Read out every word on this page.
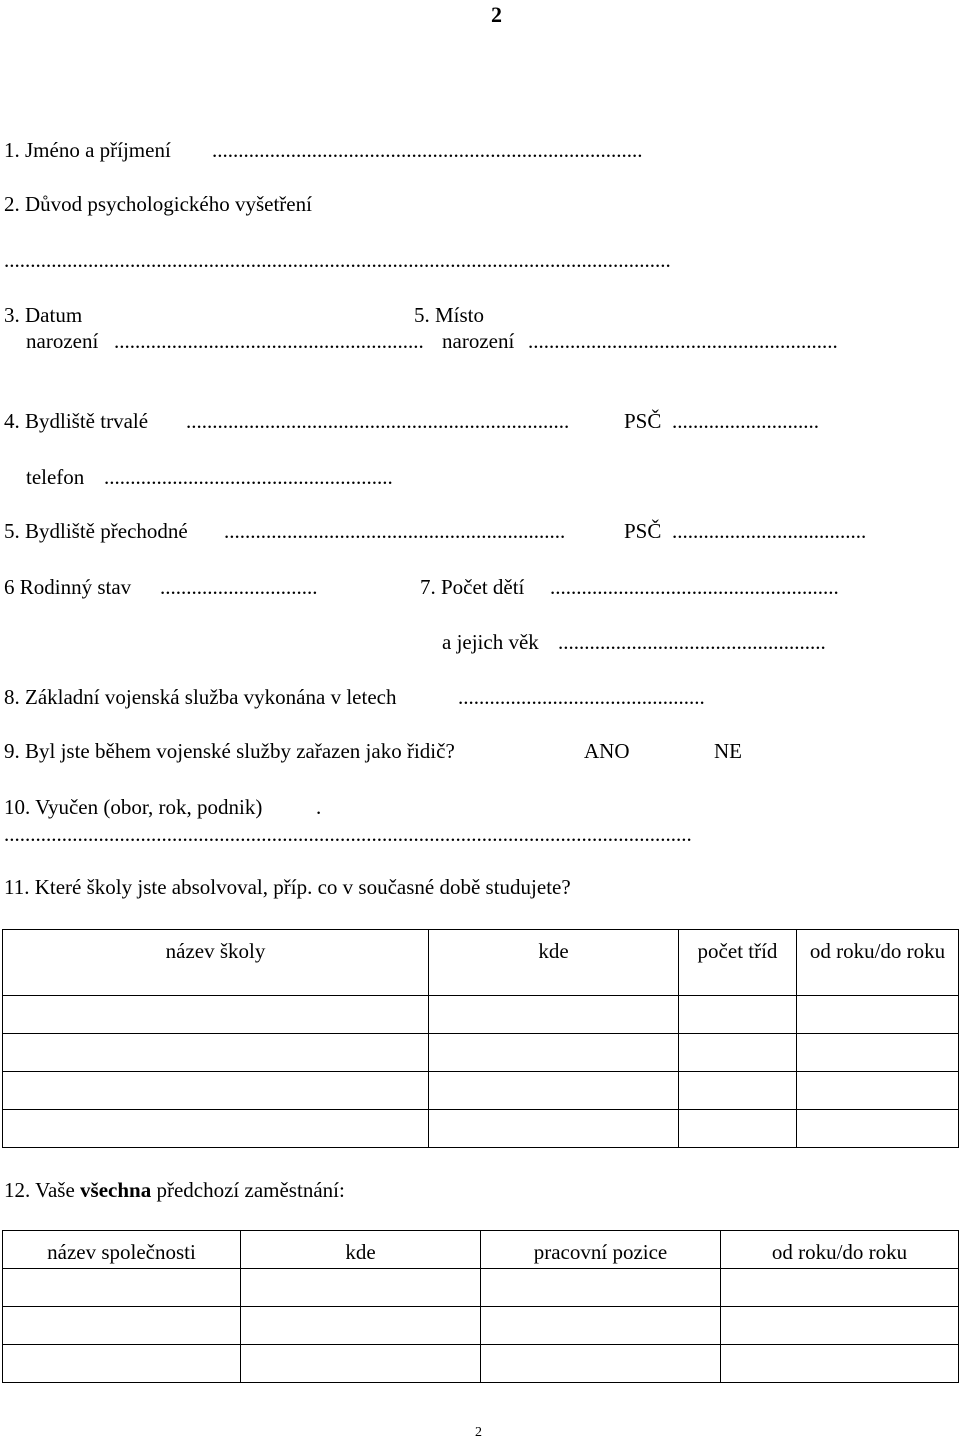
2
1. Jméno a příjmení ..................................................................................
2. Důvod psychologického vyšetření
...............................................................................................................................
3. Datum
narození ...........................................................
5. Místo
narození ...........................................................
4. Bydliště trvalé .........................................................................	PSČ ............................
telefon .......................................................
5. Bydliště přechodné .................................................................	PSČ .....................................
6 Rodinný stav ..............................	7. Počet dětí .......................................................
a jejich věk ...................................................
8. Základní vojenská služba vykonána v letech	...............................................
9. Byl jste během vojenské služby zařazen jako řidič?	ANO	NE
10. Vyučen (obor, rok, podnik)	.
...................................................................................................................................
11. Které školy jste absolvoval, příp. co v současné době studujete?
název školy	kde	počet tříd	od roku/do roku

12. Vaše všechna předchozí zaměstnání:
název společnosti	kde	pracovní pozice	od roku/do roku

2
